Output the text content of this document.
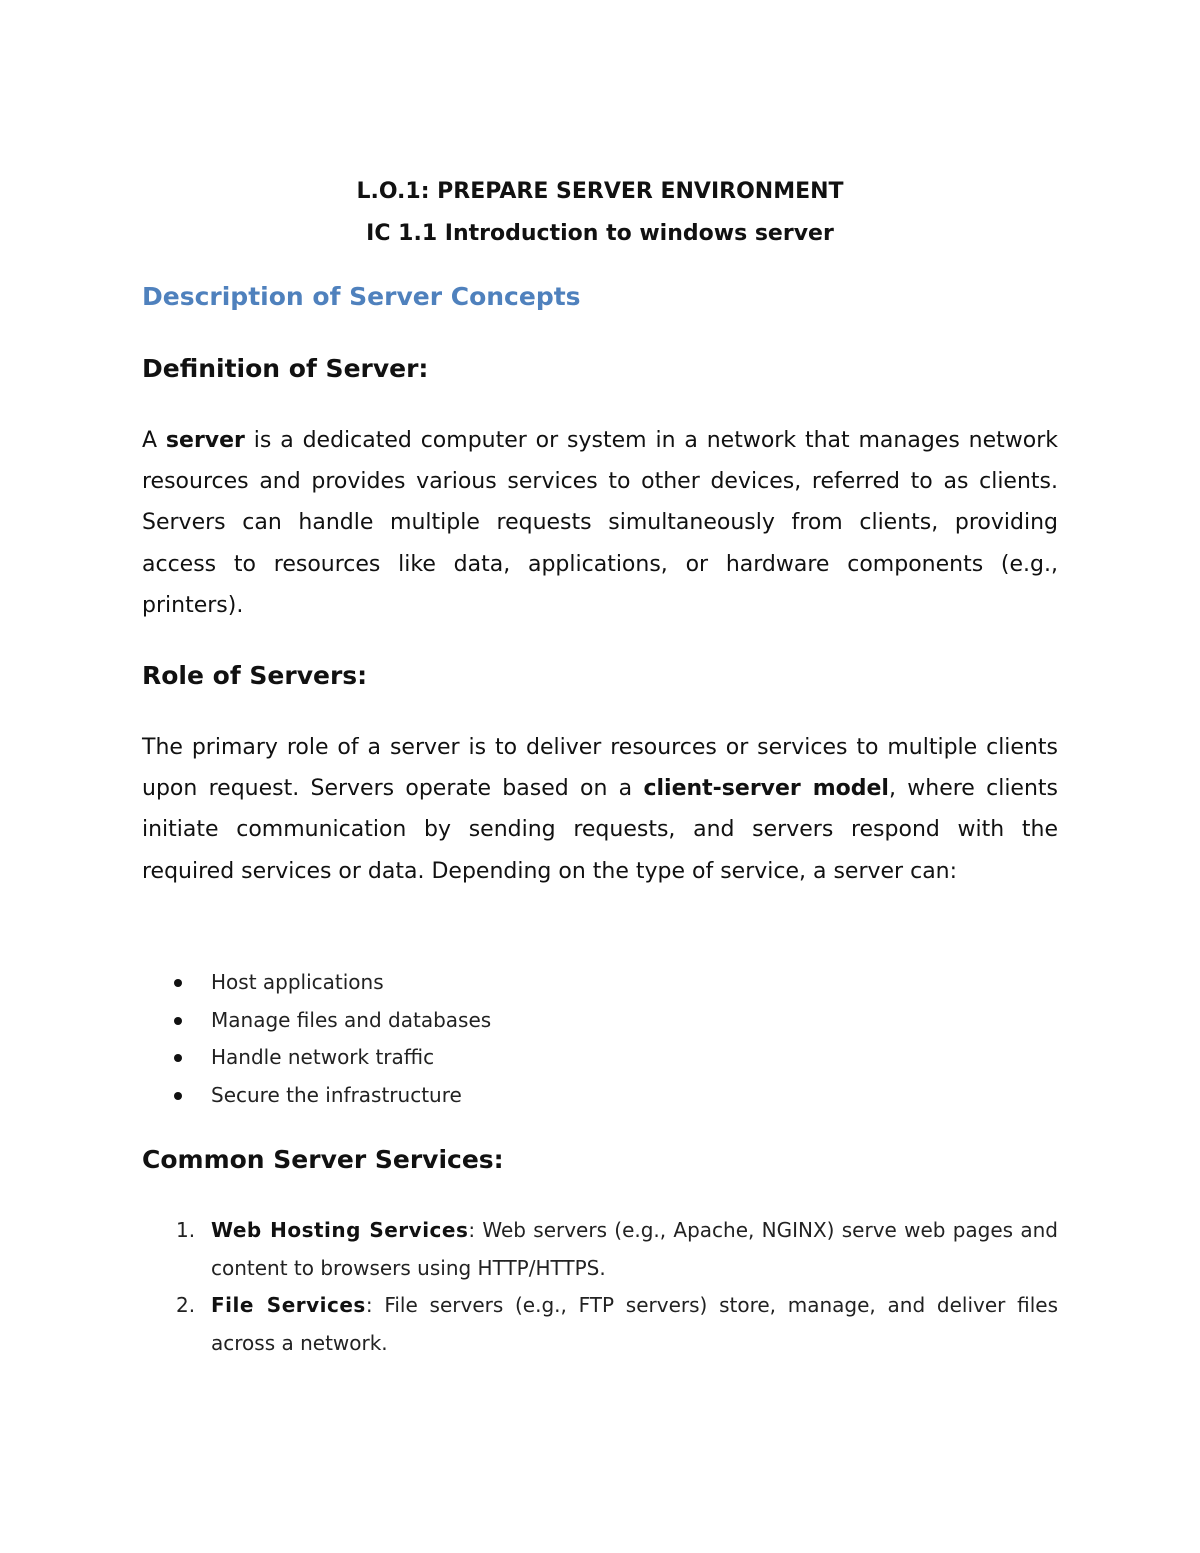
L.O.1: PREPARE SERVER ENVIRONMENT
IC 1.1 Introduction to windows server
Description of Server Concepts
Definition of Server:

A server is a dedicated computer or system in a network that manages network resources and provides various services to other devices, referred to as clients. Servers can handle multiple requests simultaneously from clients, providing access to resources like data, applications, or hardware components (e.g., printers).

Role of Servers:

The primary role of a server is to deliver resources or services to multiple clients upon request. Servers operate based on a client-server model, where clients initiate communication by sending requests, and servers respond with the required services or data. Depending on the type of service, a server can:

Host applications
Manage files and databases
Handle network traffic
Secure the infrastructure
Common Server Services:
1. Web Hosting Services: Web servers (e.g., Apache, NGINX) serve web pages and content to browsers using HTTP/HTTPS.
2. File Services: File servers (e.g., FTP servers) store, manage, and deliver files across a network.
